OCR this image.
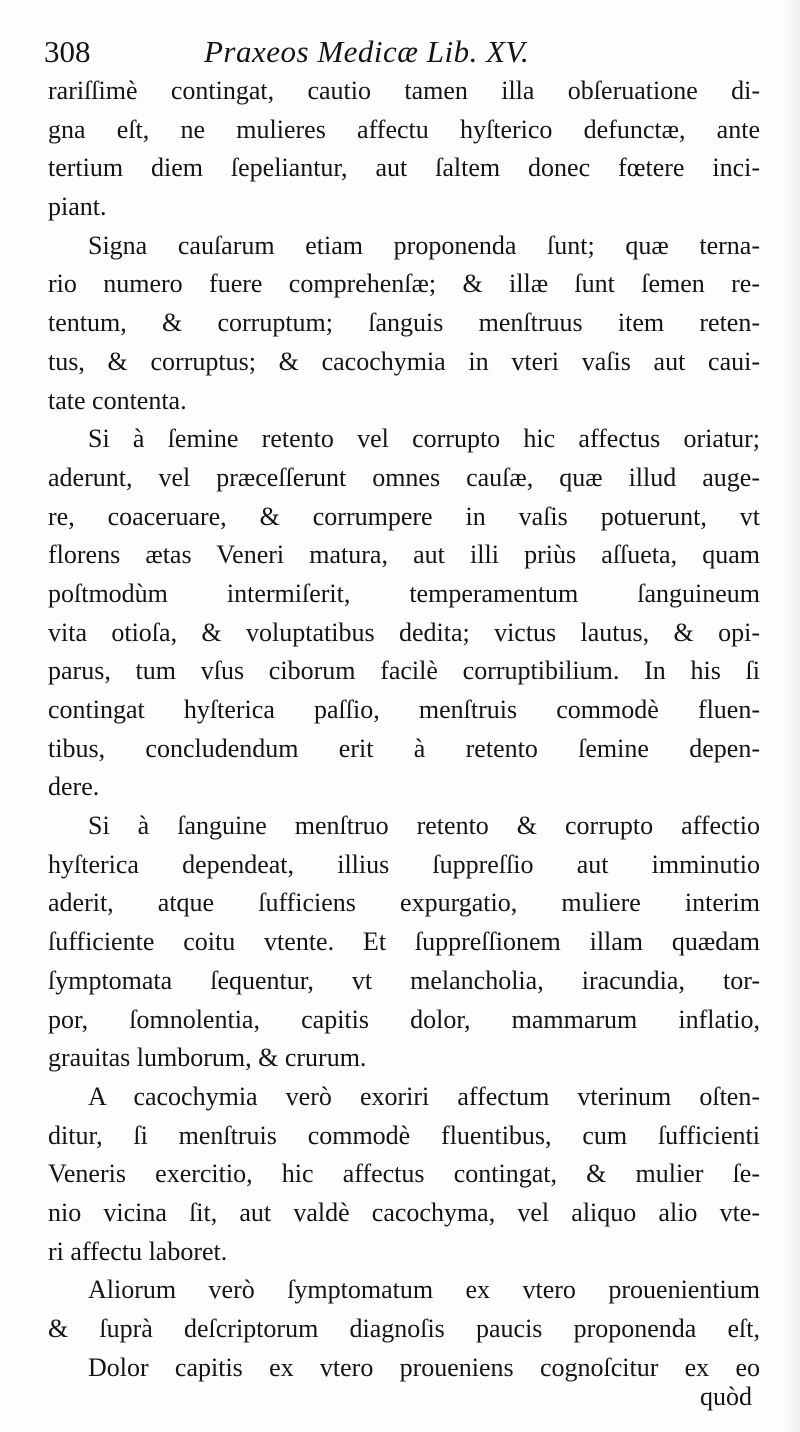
308	Praxeos Medicæ Lib. XV.

rariſſimè contingat, cautio tamen illa obſeruatione di-
gna eſt, ne mulieres affectu hyſterico defunctæ, ante
tertium diem ſepeliantur, aut ſaltem donec fœtere inci-
piant.

Signa cauſarum etiam proponenda ſunt; quæ terna-
rio numero fuere comprehenſæ; & illæ ſunt ſemen re-
tentum, & corruptum; ſanguis menſtruus item reten-
tus, & corruptus; & cacochymia in vteri vaſis aut caui-
tate contenta.

Si à ſemine retento vel corrupto hic affectus oriatur;
aderunt, vel præceſſerunt omnes cauſæ, quæ illud auge-
re, coaceruare, & corrumpere in vaſis potuerunt, vt
florens ætas Veneri matura, aut illi priùs aſſueta, quam
poſtmodùm intermiſerit, temperamentum ſanguineum
vita otioſa, & voluptatibus dedita; victus lautus, & opi-
parus, tum vſus ciborum facilè corruptibilium. In his ſi
contingat hyſterica paſſio, menſtruis commodè fluen-
tibus, concludendum erit à retento ſemine depen-
dere.

Si à ſanguine menſtruo retento & corrupto affectio
hyſterica dependeat, illius ſuppreſſio aut imminutio
aderit, atque ſufficiens expurgatio, muliere interim
ſufficiente coitu vtente. Et ſuppreſſionem illam quædam
ſymptomata ſequentur, vt melancholia, iracundia, tor-
por, ſomnolentia, capitis dolor, mammarum inflatio,
grauitas lumborum, & crurum.

A cacochymia verò exoriri affectum vterinum oſten-
ditur, ſi menſtruis commodè fluentibus, cum ſufficienti
Veneris exercitio, hic affectus contingat, & mulier ſe-
nio vicina ſit, aut valdè cacochyma, vel aliquo alio vte-
ri affectu laboret.

Aliorum verò ſymptomatum ex vtero prouenientium
& ſuprà deſcriptorum diagnoſis paucis proponenda eſt,

Dolor capitis ex vtero proueniens cognoſcitur ex eo

quòd
